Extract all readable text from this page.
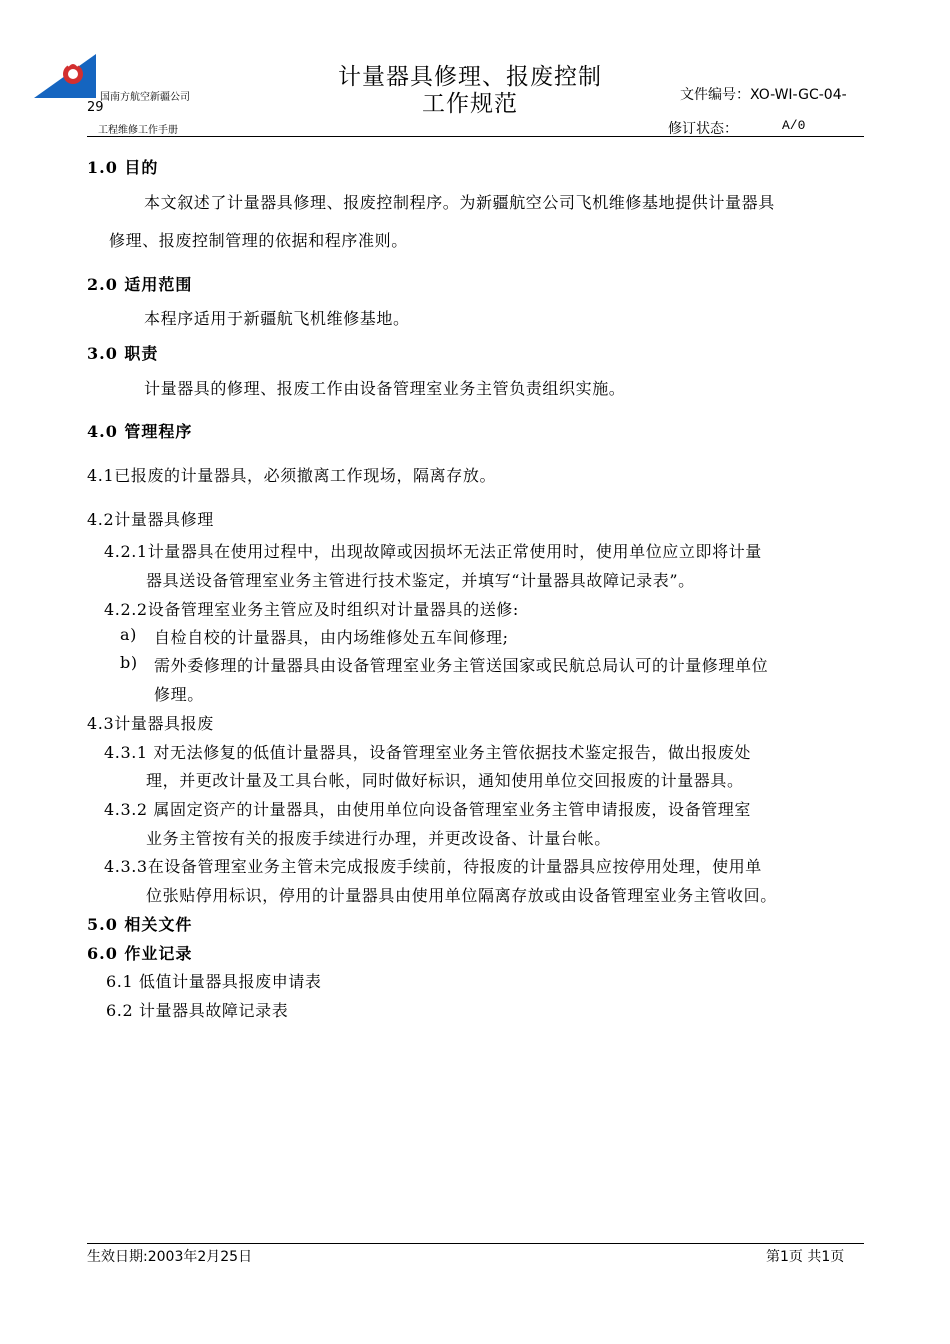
国南方航空新疆公司
29
工程维修工作手册
计量器具修理、报废控制
工作规范	文件编号：XO-WI-GC-04-
修订状态：	A/0
1.0 目的
本文叙述了计量器具修理、报废控制程序。为新疆航空公司飞机维修基地提供计量器具
修理、报废控制管理的依据和程序准则。
2.0 适用范围
本程序适用于新疆航飞机维修基地。
3.0 职责
计量器具的修理、报废工作由设备管理室业务主管负责组织实施。
4.0 管理程序
4.1已报废的计量器具，必须撤离工作现场，隔离存放。
4.2计量器具修理
4.2.1计量器具在使用过程中，出现故障或因损坏无法正常使用时，使用单位应立即将计量
器具送设备管理室业务主管进行技术鉴定，并填写“计量器具故障记录表”。
4.2.2设备管理室业务主管应及时组织对计量器具的送修:
a) 自检自校的计量器具，由内场维修处五车间修理;
b) 需外委修理的计量器具由设备管理室业务主管送国家或民航总局认可的计量修理单位
修理。
4.3计量器具报废
4.3.1 对无法修复的低值计量器具，设备管理室业务主管依据技术鉴定报告，做出报废处
理，并更改计量及工具台帐，同时做好标识，通知使用单位交回报废的计量器具。
4.3.2 属固定资产的计量器具，由使用单位向设备管理室业务主管申请报废，设备管理室
业务主管按有关的报废手续进行办理，并更改设备、计量台帐。
4.3.3在设备管理室业务主管未完成报废手续前，待报废的计量器具应按停用处理，使用单
位张贴停用标识，停用的计量器具由使用单位隔离存放或由设备管理室业务主管收回。
5.0 相关文件
6.0 作业记录
6.1 低值计量器具报废申请表
6.2 计量器具故障记录表
生效日期:2003年2月25日	第1页 共1页
